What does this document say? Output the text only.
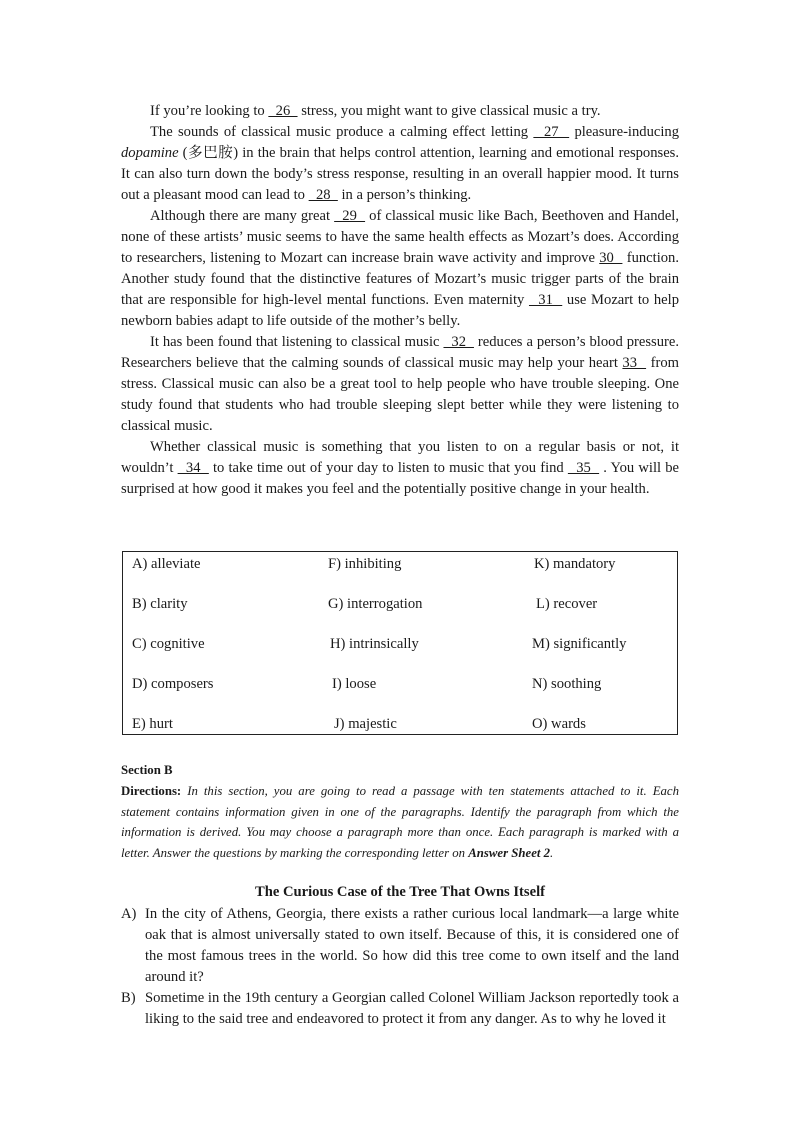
If you’re looking to   26   stress, you might want to give classical music a try.

The sounds of classical music produce a calming effect letting   27   pleasure-inducing dopamine (多巴胺) in the brain that helps control attention, learning and emotional responses. It can also turn down the body’s stress response, resulting in an overall happier mood. It turns out a pleasant mood can lead to   28   in a person’s thinking.

Although there are many great   29   of classical music like Bach, Beethoven and Handel, none of these artists’ music seems to have the same health effects as Mozart’s does. According to researchers, listening to Mozart can increase brain wave activity and improve 30   function. Another study found that the distinctive features of Mozart’s music trigger parts of the brain that are responsible for high-level mental functions. Even maternity   31   use Mozart to help newborn babies adapt to life outside of the mother’s belly.

It has been found that listening to classical music   32   reduces a person’s blood pressure. Researchers believe that the calming sounds of classical music may help your heart 33   from stress. Classical music can also be a great tool to help people who have trouble sleeping. One study found that students who had trouble sleeping slept better while they were listening to classical music.

Whether classical music is something that you listen to on a regular basis or not, it wouldn’t   34   to take time out of your day to listen to music that you find   35   . You will be surprised at how good it makes you feel and the potentially positive change in your health.

A) alleviate	F) inhibiting	K) mandatory
B) clarity	G) interrogation	L) recover
C) cognitive	H) intrinsically	M) significantly
D) composers	I) loose	N) soothing
E) hurt	J) majestic	O) wards

Section B

Directions: In this section, you are going to read a passage with ten statements attached to it. Each statement contains information given in one of the paragraphs. Identify the paragraph from which the information is derived. You may choose a paragraph more than once. Each paragraph is marked with a letter. Answer the questions by marking the corresponding letter on Answer Sheet 2.

The Curious Case of the Tree That Owns Itself

A) In the city of Athens, Georgia, there exists a rather curious local landmark—a large white oak that is almost universally stated to own itself. Because of this, it is considered one of the most famous trees in the world. So how did this tree come to own itself and the land around it?

B) Sometime in the 19th century a Georgian called Colonel William Jackson reportedly took a liking to the said tree and endeavored to protect it from any danger. As to why he loved it
